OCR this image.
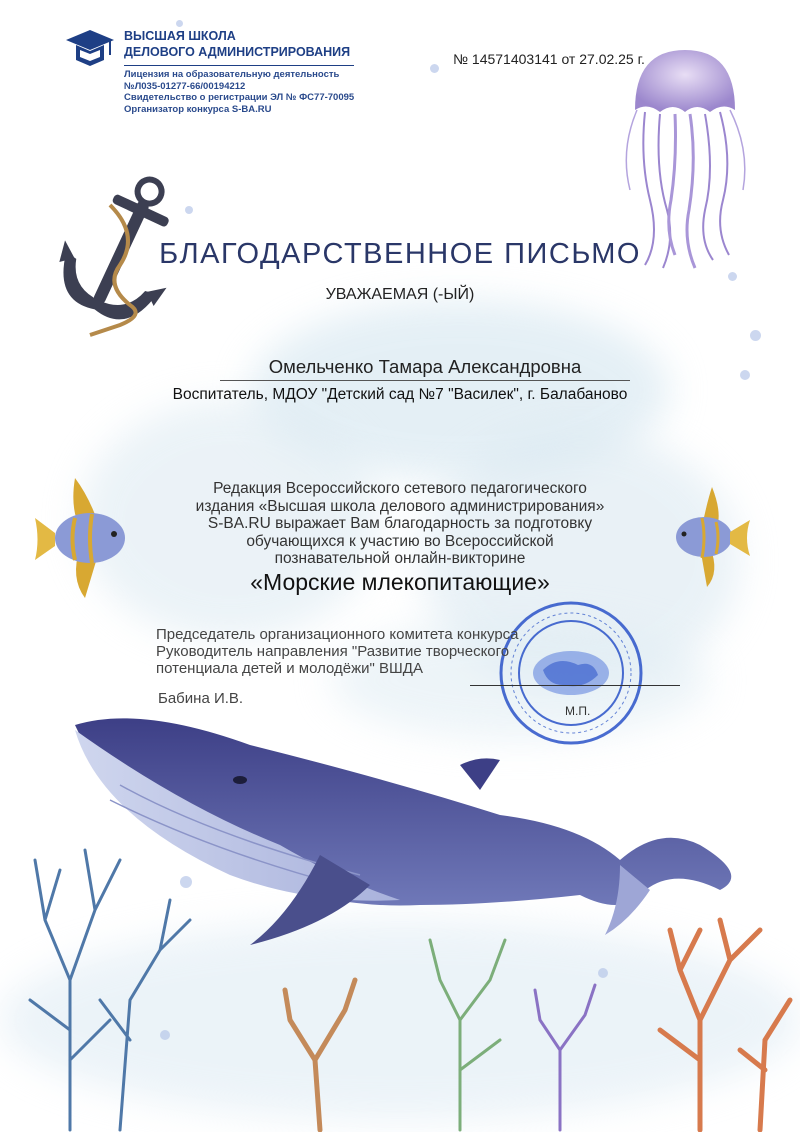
ВЫСШАЯ ШКОЛА
ДЕЛОВОГО АДМИНИСТРИРОВАНИЯ
Лицензия на образовательную деятельность
№Л035-01277-66/00194212
Свидетельство о регистрации ЭЛ № ФС77-70095
Организатор конкурса S-BA.RU
№ 14571403141 от 27.02.25 г.
БЛАГОДАРСТВЕННОЕ ПИСЬМО
УВАЖАЕМАЯ (-ЫЙ)
Омельченко Тамара Александровна
Воспитатель, МДОУ "Детский сад №7 "Василек", г. Балабаново
Редакция Всероссийского сетевого педагогического
издания «Высшая школа делового администрирования»
S-BA.RU выражает Вам благодарность за подготовку
обучающихся к участию во Всероссийской
познавательной онлайн-викторине
«Морские млекопитающие»
Председатель организационного комитета конкурса
Руководитель направления "Развитие творческого
потенциала детей и молодёжи" ВШДА
М.П.
Бабина И.В.
